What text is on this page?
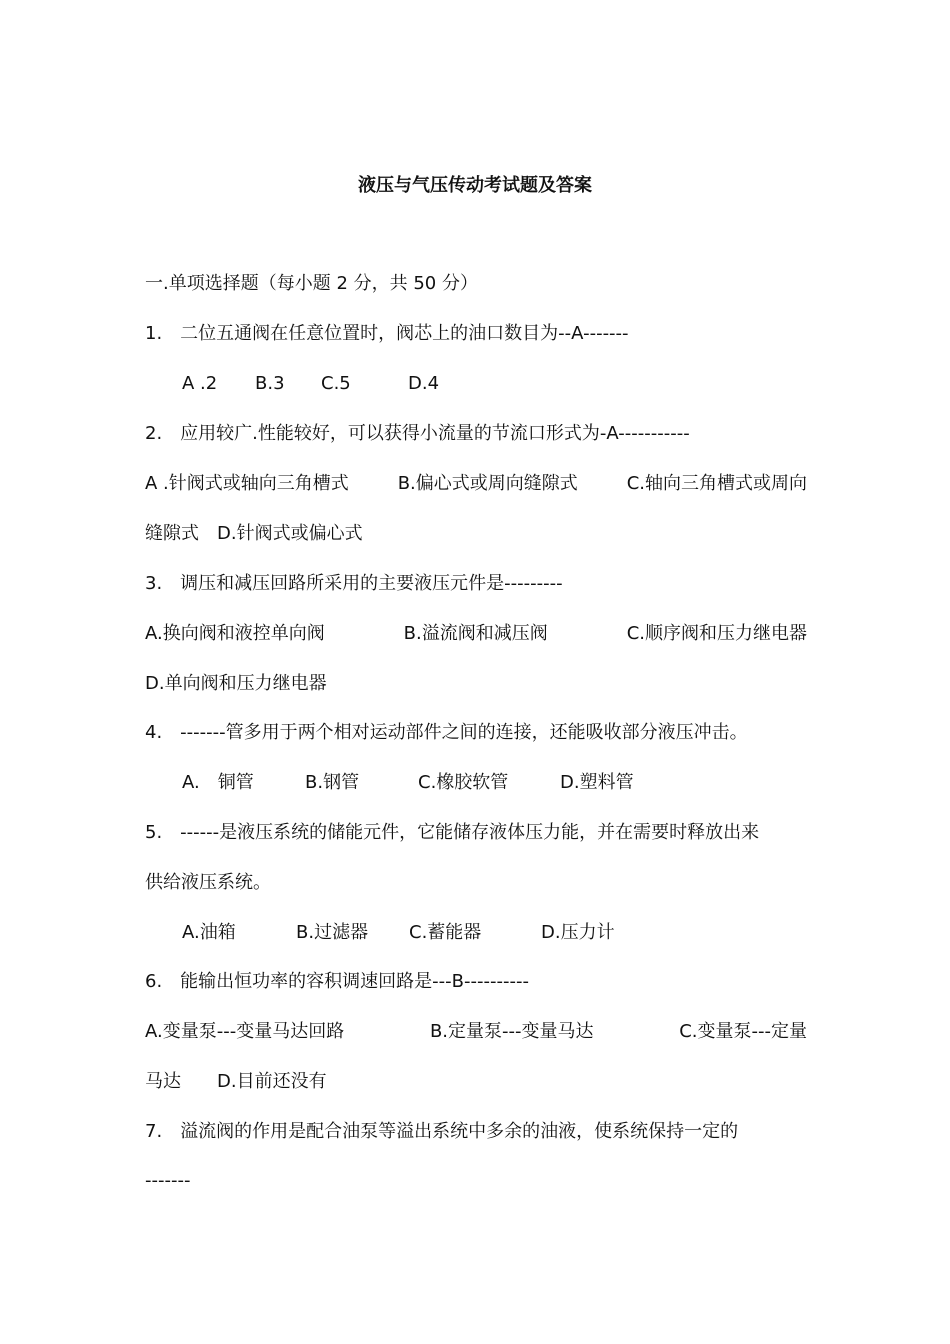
液压与气压传动考试题及答案
一.单项选择题（每小题 2 分，共 50 分）
1.　二位五通阀在任意位置时，阀芯上的油口数目为--A-------
A .2 B.3 C.5	D.4
2.　应用较广.性能较好，可以获得小流量的节流口形式为-A-----------
A .针阀式或轴向三角槽式	B.偏心式或周向缝隙式	C.轴向三角槽式或周向
缝隙式　D.针阀式或偏心式
3.　调压和减压回路所采用的主要液压元件是---------
A.换向阀和液控单向阀	B.溢流阀和减压阀	C.顺序阀和压力继电器
D.单向阀和压力继电器
4.　-------管多用于两个相对运动部件之间的连接，还能吸收部分液压冲击。
A.　铜管	B.钢管	C.橡胶软管	D.塑料管
5.　------是液压系统的储能元件，它能储存液体压力能，并在需要时释放出来
供给液压系统。
A.油箱	B.过滤器 C.蓄能器	D.压力计
6.　能输出恒功率的容积调速回路是---B----------
A.变量泵---变量马达回路	B.定量泵---变量马达	C.变量泵---定量
马达　　D.目前还没有
7.　溢流阀的作用是配合油泵等溢出系统中多余的油液，使系统保持一定的
-------
